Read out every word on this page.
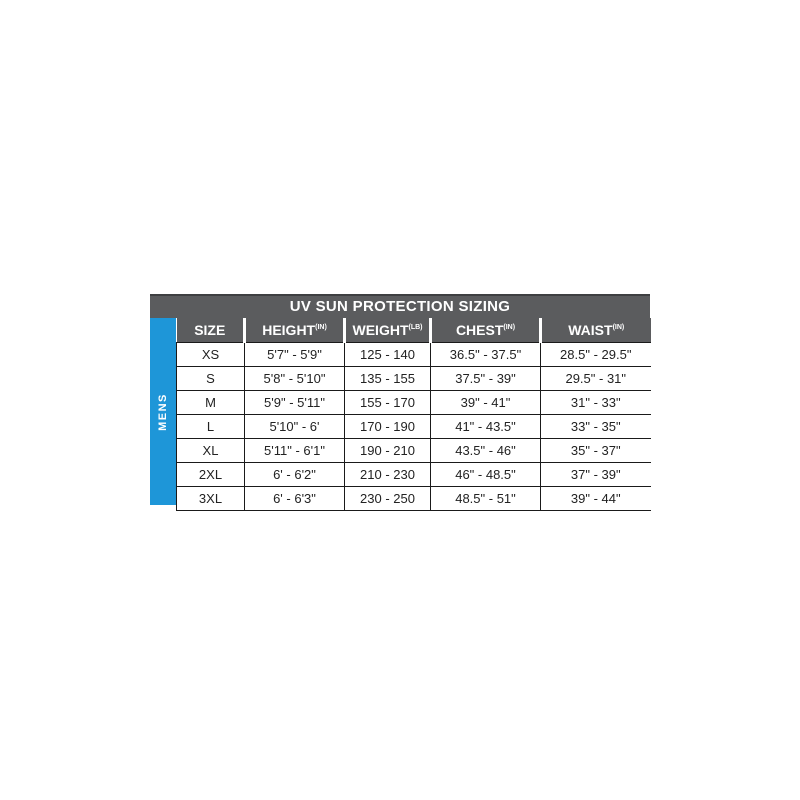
UV SUN PROTECTION SIZING
MENS
SIZE	$HEIGHT^{(IN)}$	$WEIGHT^{(LB)}$	$CHEST^{(IN)}$	$WAIST^{(IN)}$
XS	5'7" - 5'9"	125 - 140	36.5" - 37.5"	28.5" - 29.5"
S	5'8" - 5'10"	135 - 155	37.5" - 39"	29.5" - 31"
M	5'9" - 5'11"	155 - 170	39" - 41"	31" - 33"
L	5'10" - 6'	170 - 190	41" - 43.5"	33" - 35"
XL	5'11" - 6'1"	190 - 210	43.5" - 46"	35" - 37"
2XL	6' - 6'2"	210 - 230	46" - 48.5"	37" - 39"
3XL	6' - 6'3"	230 - 250	48.5" - 51"	39" - 44"
